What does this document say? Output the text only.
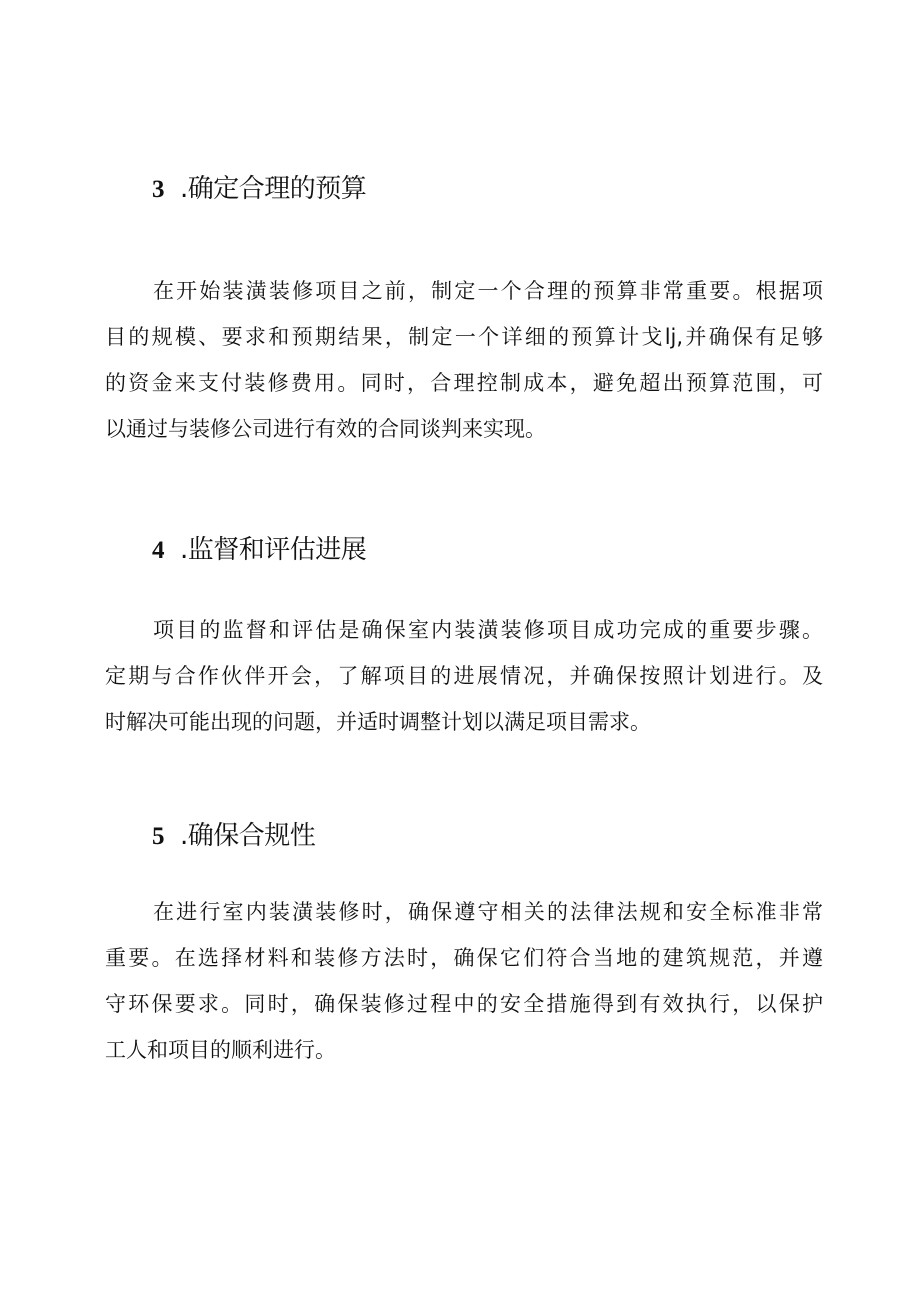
3 .确定合理的预算
在开始装潢装修项目之前，制定一个合理的预算非常重要。根据项
目的规模、要求和预期结果，制定一个详细的预算计戈lj,并确保有足够
的资金来支付装修费用。同时，合理控制成本，避免超出预算范围，可
以通过与装修公司进行有效的合同谈判来实现。
4 .监督和评估进展
项目的监督和评估是确保室内装潢装修项目成功完成的重要步骤。
定期与合作伙伴开会，了解项目的进展情况，并确保按照计划进行。及
时解决可能出现的问题，并适时调整计划以满足项目需求。
5 .确保合规性
在进行室内装潢装修时，确保遵守相关的法律法规和安全标准非常
重要。在选择材料和装修方法时，确保它们符合当地的建筑规范，并遵
守环保要求。同时，确保装修过程中的安全措施得到有效执行，以保护
工人和项目的顺利进行。
